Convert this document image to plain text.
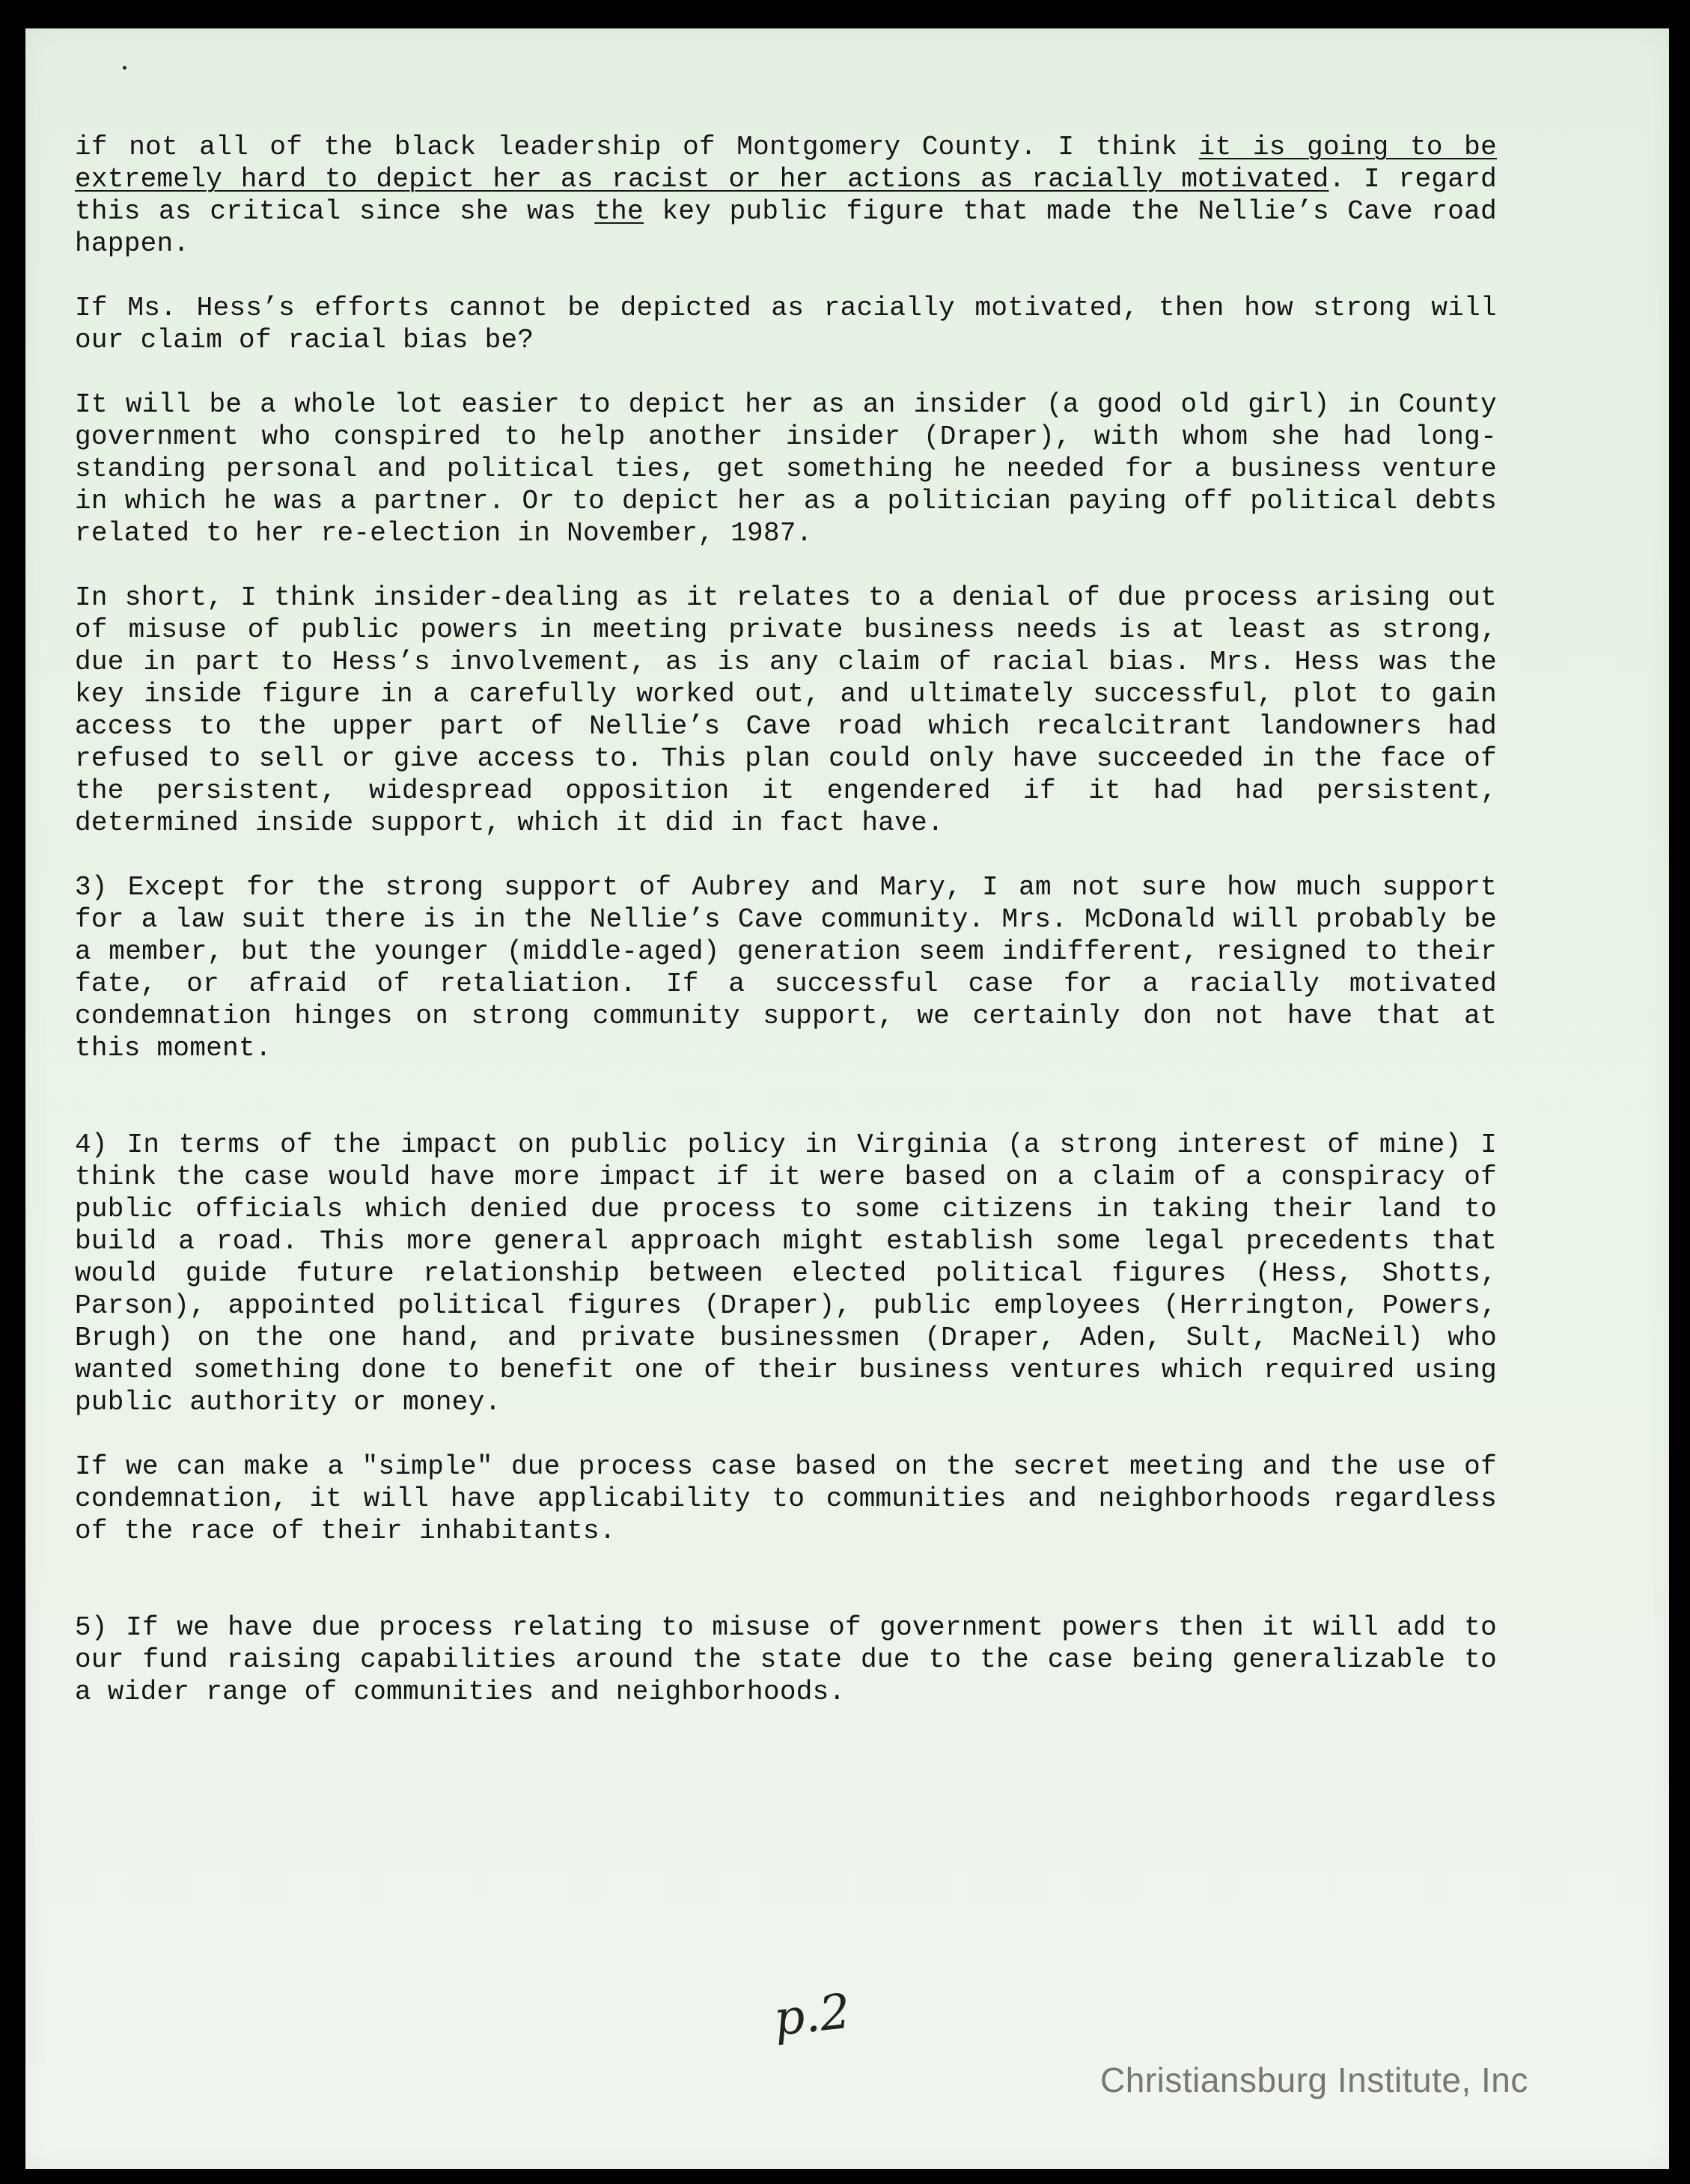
if not all of the black leadership of Montgomery County. I think it is going to be extremely hard to depict her as racist or her actions as racially motivated. I regard this as critical since she was the key public figure that made the Nellie’s Cave road happen.

If Ms. Hess’s efforts cannot be depicted as racially motivated, then how strong will our claim of racial bias be?

It will be a whole lot easier to depict her as an insider (a good old girl) in County government who conspired to help another insider (Draper), with whom she had long-standing personal and political ties, get something he needed for a business venture in which he was a partner. Or to depict her as a politician paying off political debts related to her re-election in November, 1987.

In short, I think insider-dealing as it relates to a denial of due process arising out of misuse of public powers in meeting private business needs is at least as strong, due in part to Hess’s involvement, as is any claim of racial bias. Mrs. Hess was the key inside figure in a carefully worked out, and ultimately successful, plot to gain access to the upper part of Nellie’s Cave road which recalcitrant landowners had refused to sell or give access to. This plan could only have succeeded in the face of the persistent, widespread opposition it engendered if it had had persistent, determined inside support, which it did in fact have.

3) Except for the strong support of Aubrey and Mary, I am not sure how much support for a law suit there is in the Nellie’s Cave community. Mrs. McDonald will probably be a member, but the younger (middle-aged) generation seem indifferent, resigned to their fate, or afraid of retaliation. If a successful case for a racially motivated condemnation hinges on strong community support, we certainly don not have that at this moment.

4) In terms of the impact on public policy in Virginia (a strong interest of mine) I think the case would have more impact if it were based on a claim of a conspiracy of public officials which denied due process to some citizens in taking their land to build a road. This more general approach might establish some legal precedents that would guide future relationship between elected political figures (Hess, Shotts, Parson), appointed political figures (Draper), public employees (Herrington, Powers, Brugh) on the one hand, and private businessmen (Draper, Aden, Sult, MacNeil) who wanted something done to benefit one of their business ventures which required using public authority or money.

If we can make a "simple" due process case based on the secret meeting and the use of condemnation, it will have applicability to communities and neighborhoods regardless of the race of their inhabitants.

5) If we have due process relating to misuse of government powers then it will add to our fund raising capabilities around the state due to the case being generalizable to a wider range of communities and neighborhoods.

p.2
Christiansburg Institute, Inc
